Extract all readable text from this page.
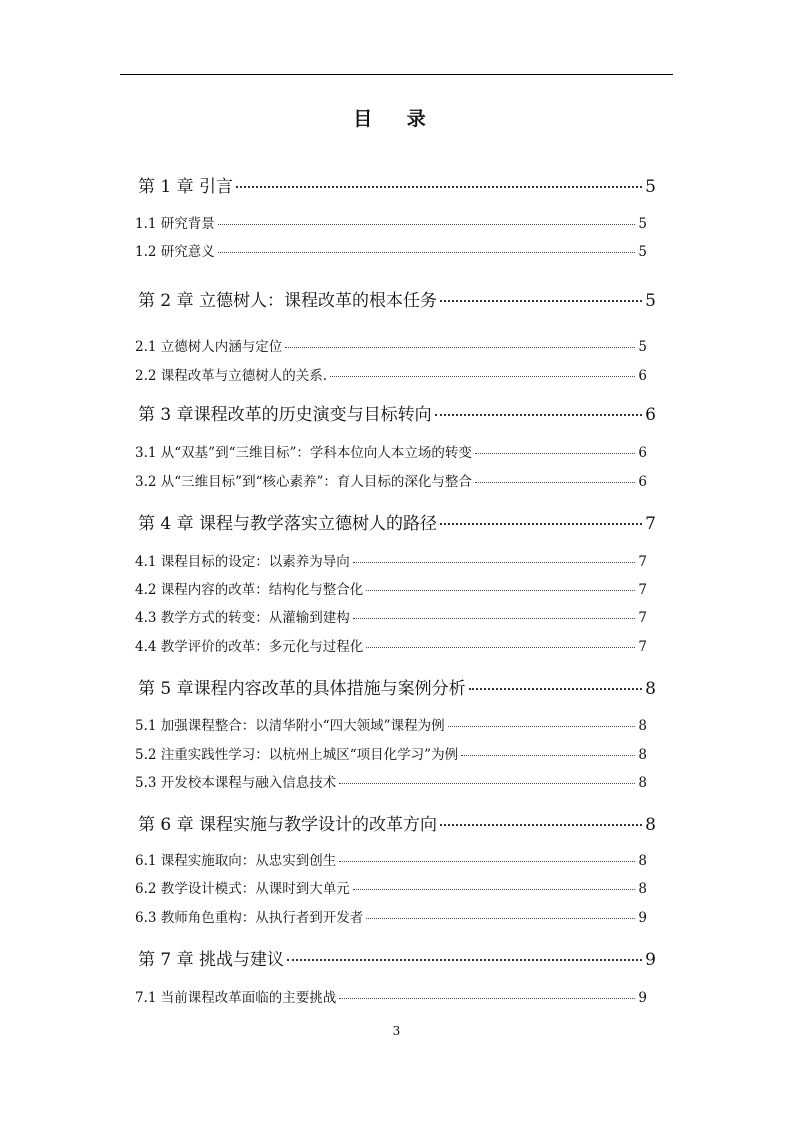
目 录
第 1 章 引言	5
1.1 研究背景	5
1.2 研究意义	5
第 2 章 立德树人：课程改革的根本任务	5
2.1 立德树人内涵与定位	5
2.2 课程改革与立德树人的关系.	6
第 3 章课程改革的历史演变与目标转向	6
3.1 从“双基”到“三维目标”：学科本位向人本立场的转变	6
3.2 从“三维目标”到“核心素养”：育人目标的深化与整合	6
第 4 章 课程与教学落实立德树人的路径	7
4.1 课程目标的设定：以素养为导向	7
4.2 课程内容的改革：结构化与整合化	7
4.3 教学方式的转变：从灌输到建构	7
4.4 教学评价的改革：多元化与过程化	7
第 5 章课程内容改革的具体措施与案例分析	8
5.1 加强课程整合：以清华附小“四大领域”课程为例	8
5.2 注重实践性学习：以杭州上城区“项目化学习”为例	8
5.3 开发校本课程与融入信息技术	8
第 6 章 课程实施与教学设计的改革方向	8
6.1 课程实施取向：从忠实到创生	8
6.2 教学设计模式：从课时到大单元	8
6.3 教师角色重构：从执行者到开发者	9
第 7 章 挑战与建议	9
7.1 当前课程改革面临的主要挑战	9
3
